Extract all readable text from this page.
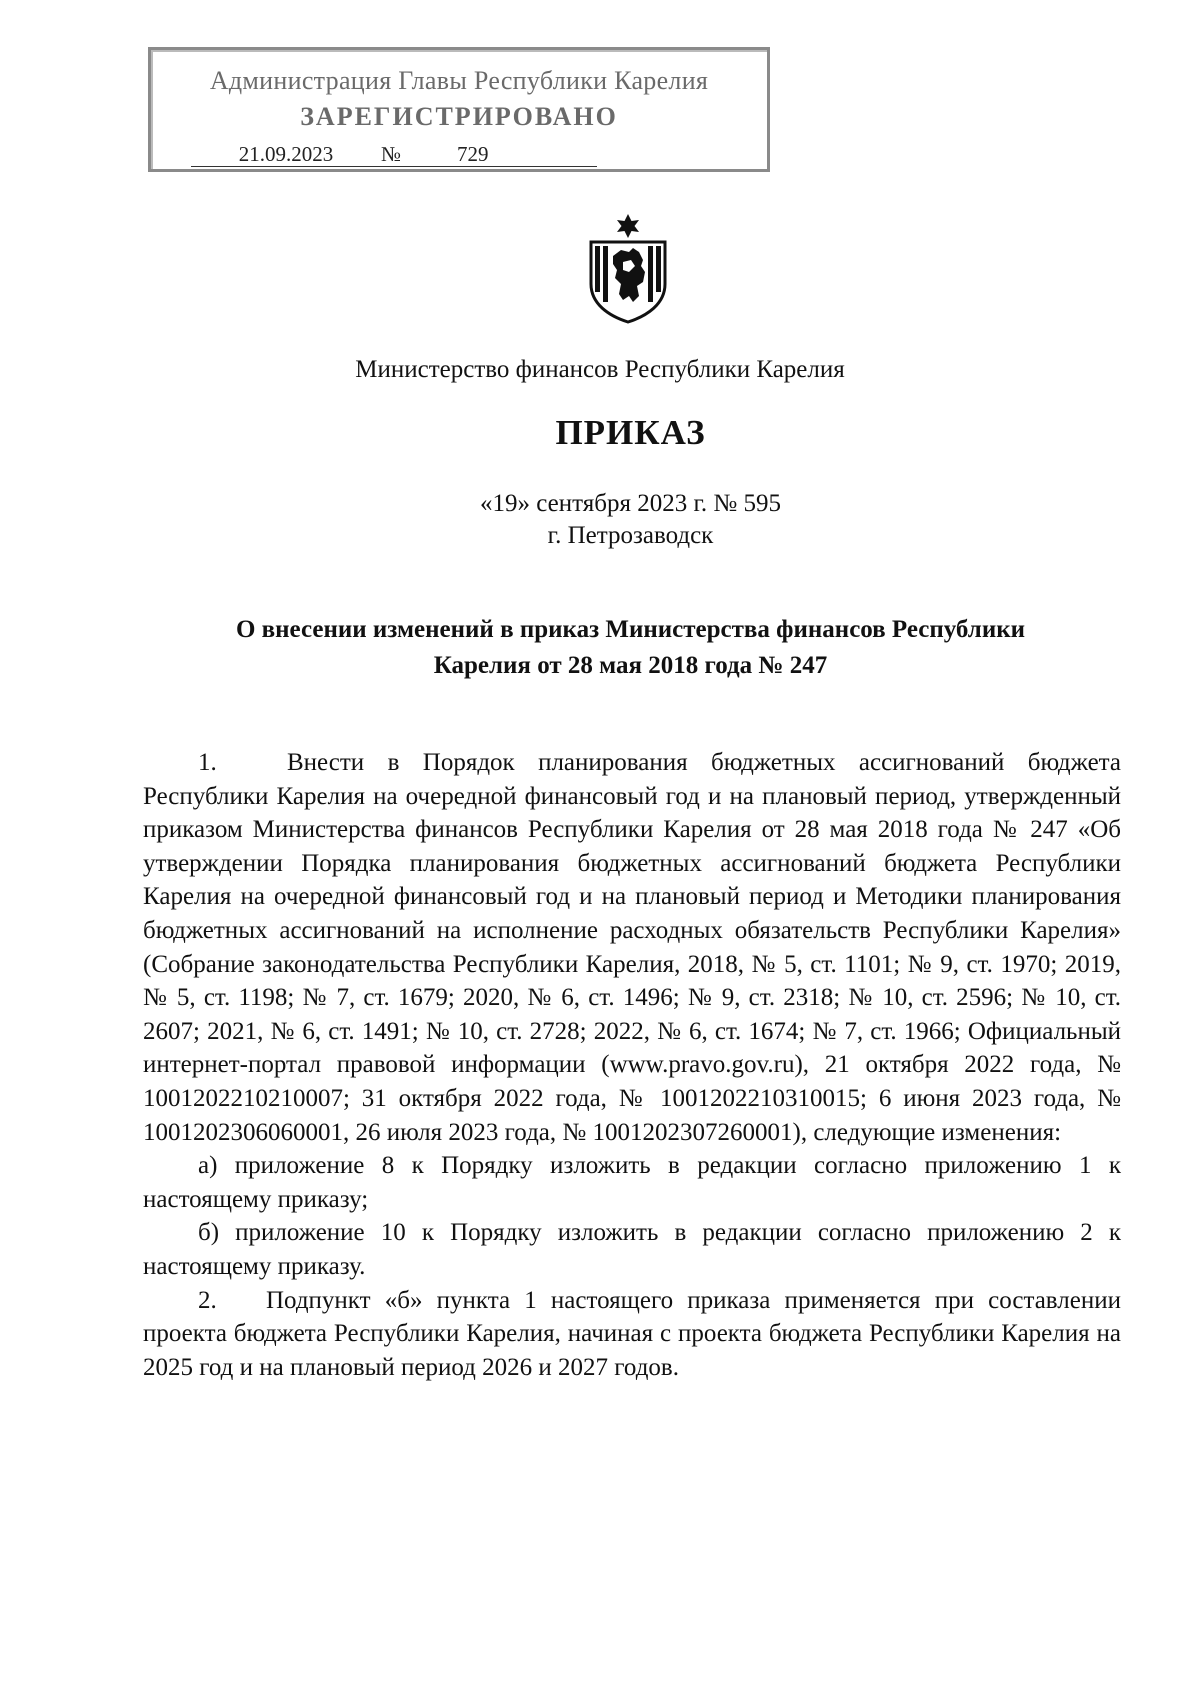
Администрация Главы Республики Карелия
ЗАРЕГИСТРИРОВАНО
21.09.2023 №	729
Министерство финансов Республики Карелия
ПРИКАЗ
«19» сентября 2023 г. № 595
г. Петрозаводск
О внесении изменений в приказ Министерства финансов Республики
Карелия от 28 мая 2018 года № 247

1.	Внести в Порядок планирования бюджетных ассигнований бюджета Республики Карелия на очередной финансовый год и на плановый период, утвержденный приказом Министерства финансов Республики Карелия от 28 мая 2018 года № 247 «Об утверждении Порядка планирования бюджетных ассигнований бюджета Республики Карелия на очередной финансовый год и на плановый период и Методики планирования бюджетных ассигнований на исполнение расходных обязательств Республики Карелия» (Собрание законодательства Республики Карелия, 2018, № 5, ст. 1101; № 9, ст. 1970; 2019, № 5, ст. 1198; № 7, ст. 1679; 2020, № 6, ст. 1496; № 9, ст. 2318; № 10, ст. 2596; № 10, ст. 2607; 2021, № 6, ст. 1491; № 10, ст. 2728; 2022, № 6, ст. 1674; № 7, ст. 1966; Официальный интернет-портал правовой информации (www.pravo.gov.ru), 21 октября 2022 года, № 1001202210210007; 31 октября 2022 года, № 1001202210310015; 6 июня 2023 года, № 1001202306060001, 26 июля 2023 года, № 1001202307260001), следующие изменения:

а) приложение 8 к Порядку изложить в редакции согласно приложению 1 к настоящему приказу;

б) приложение 10 к Порядку изложить в редакции согласно приложению 2 к настоящему приказу.

2. Подпункт «б» пункта 1 настоящего приказа применяется при составлении проекта бюджета Республики Карелия, начиная с проекта бюджета Республики Карелия на 2025 год и на плановый период 2026 и 2027 годов.
